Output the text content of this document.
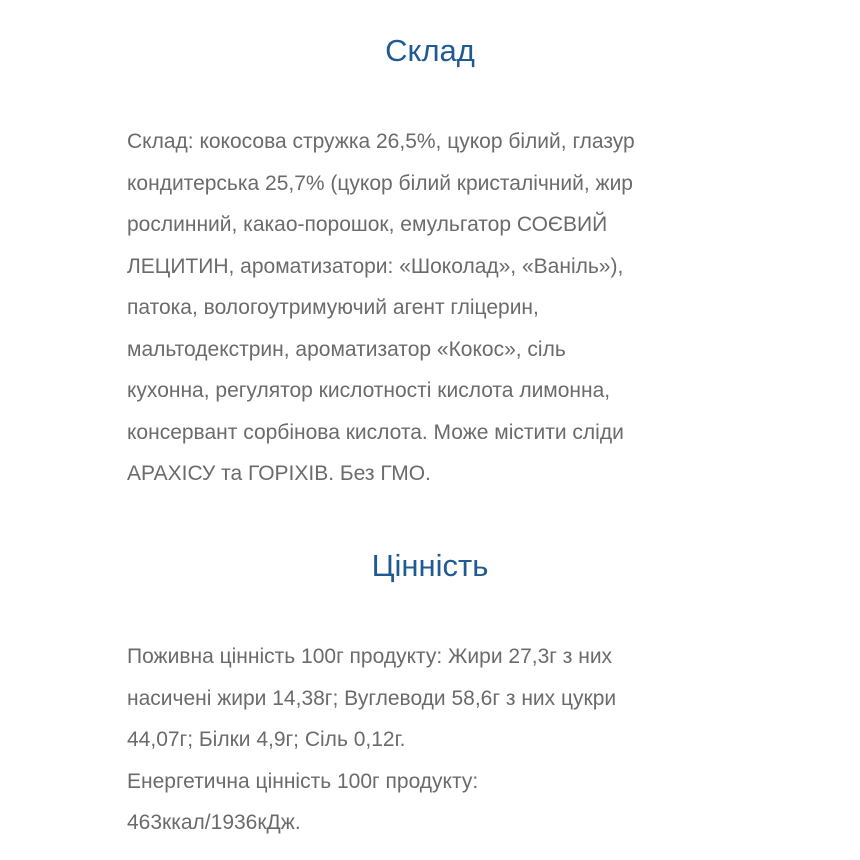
Склад

Склад: кокосова стружка 26,5%, цукор білий, глазур
кондитерська 25,7% (цукор білий кристалічний, жир
рослинний, какао-порошок, емульгатор СОЄВИЙ
ЛЕЦИТИН, ароматизатори: «Шоколад», «Ваніль»),
патока, вологоутримуючий агент гліцерин,
мальтодекстрин, ароматизатор «Кокос», сіль
кухонна, регулятор кислотності кислота лимонна,
консервант сорбінова кислота. Може містити сліди
АРАХІСУ та ГОРІХІВ. Без ГМО.

Цінність

Поживна цінність 100г продукту: Жири 27,3г з них
насичені жири 14,38г; Вуглеводи 58,6г з них цукри
44,07г; Білки 4,9г; Сіль 0,12г.
Енергетична цінність 100г продукту:
463ккал/1936кДж.
